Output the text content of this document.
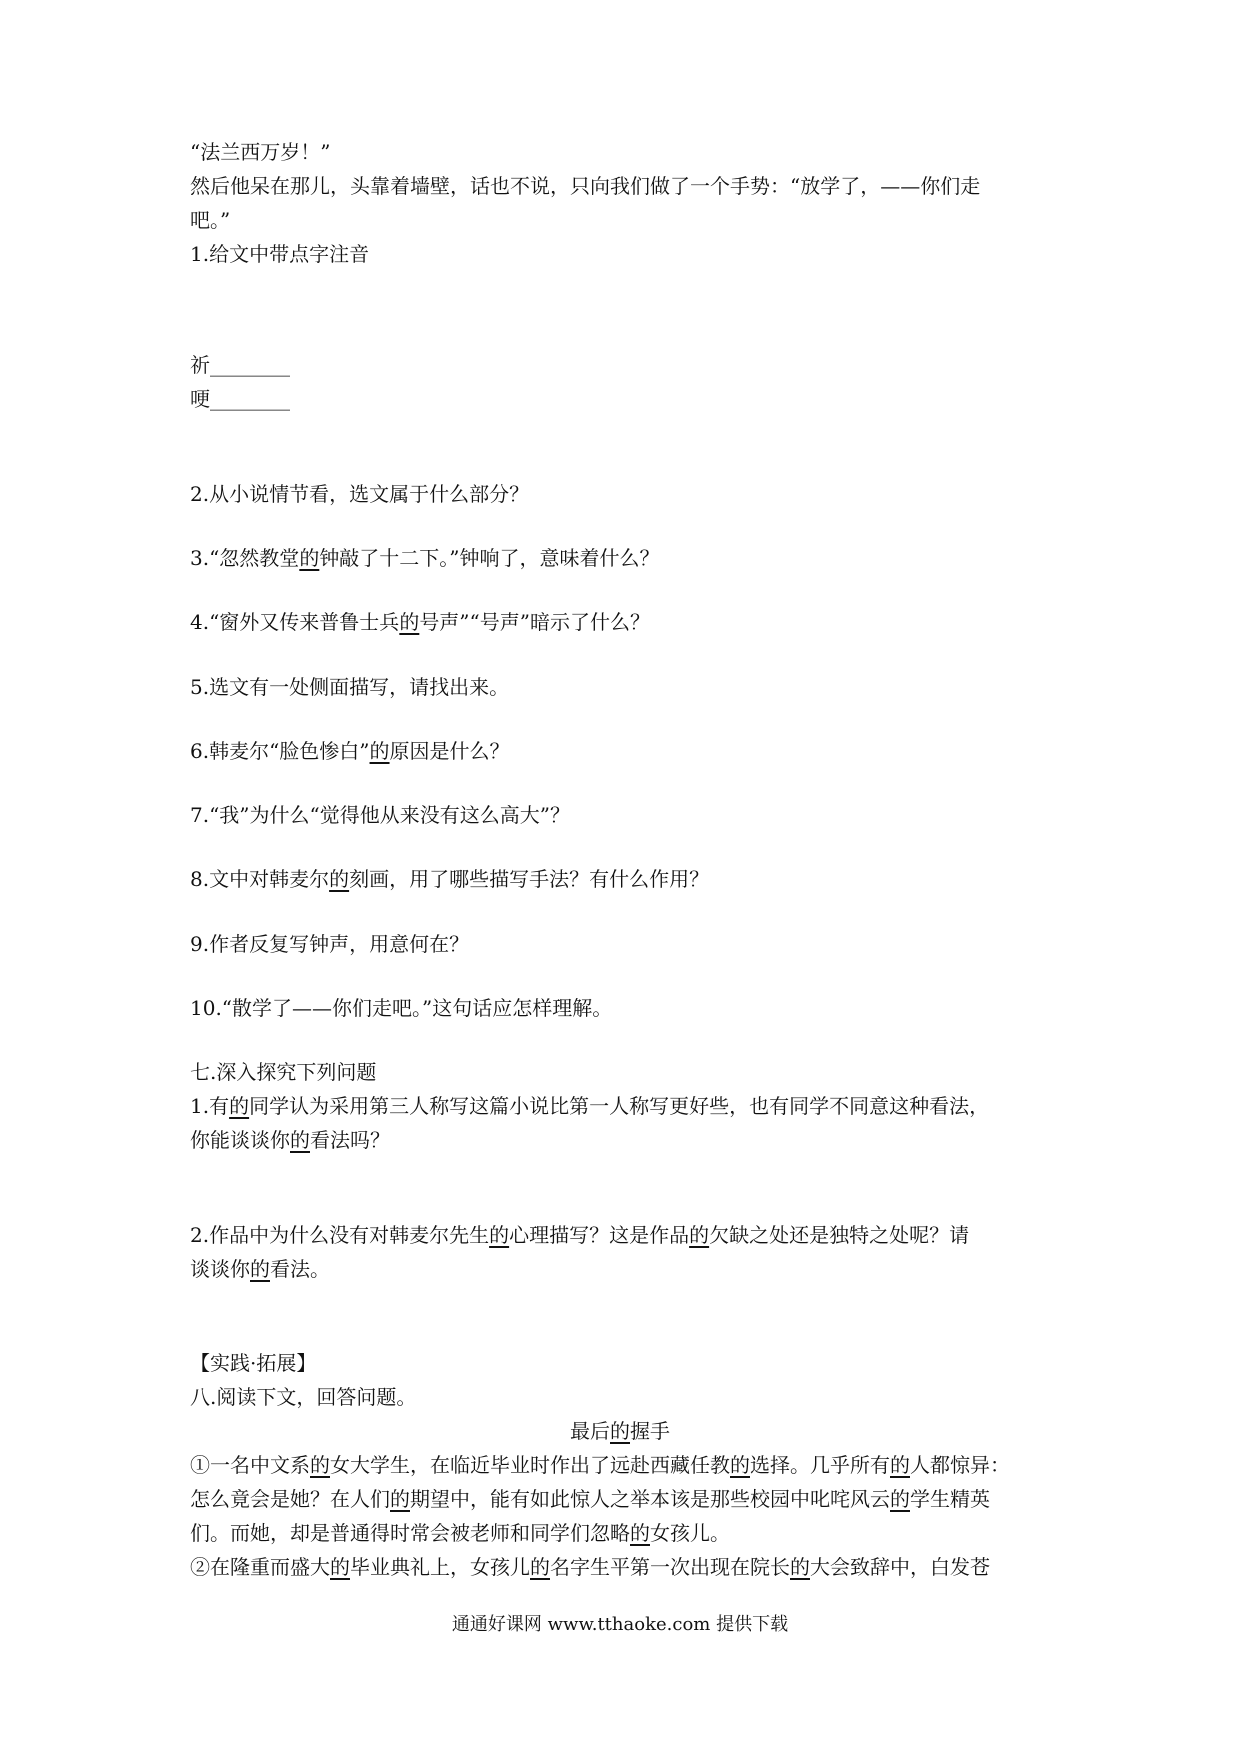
“法兰西万岁！”

然后他呆在那儿，头靠着墙壁，话也不说，只向我们做了一个手势：“放学了，——你们走

吧。”

1.给文中带点字注音

祈________

哽________

2.从小说情节看，选文属于什么部分？

3.“忽然教堂的钟敲了十二下。”钟响了，意味着什么？

4.“窗外又传来普鲁士兵的号声”“号声”暗示了什么？

5.选文有一处侧面描写，请找出来。

6.韩麦尔“脸色惨白”的原因是什么？

7.“我”为什么“觉得他从来没有这么高大”？

8.文中对韩麦尔的刻画，用了哪些描写手法？有什么作用？

9.作者反复写钟声，用意何在？

10.“散学了——你们走吧。”这句话应怎样理解。

七.深入探究下列问题

1.有的同学认为采用第三人称写这篇小说比第一人称写更好些，也有同学不同意这种看法，

你能谈谈你的看法吗？

2.作品中为什么没有对韩麦尔先生的心理描写？这是作品的欠缺之处还是独特之处呢？请

谈谈你的看法。

【实践·拓展】

八.阅读下文，回答问题。

最后的握手

①一名中文系的女大学生，在临近毕业时作出了远赴西藏任教的选择。几乎所有的人都惊异：

怎么竟会是她？在人们的期望中，能有如此惊人之举本该是那些校园中叱咤风云的学生精英

们。而她，却是普通得时常会被老师和同学们忽略的女孩儿。

②在隆重而盛大的毕业典礼上，女孩儿的名字生平第一次出现在院长的大会致辞中，白发苍

通通好课网 www.tthaoke.com 提供下载
